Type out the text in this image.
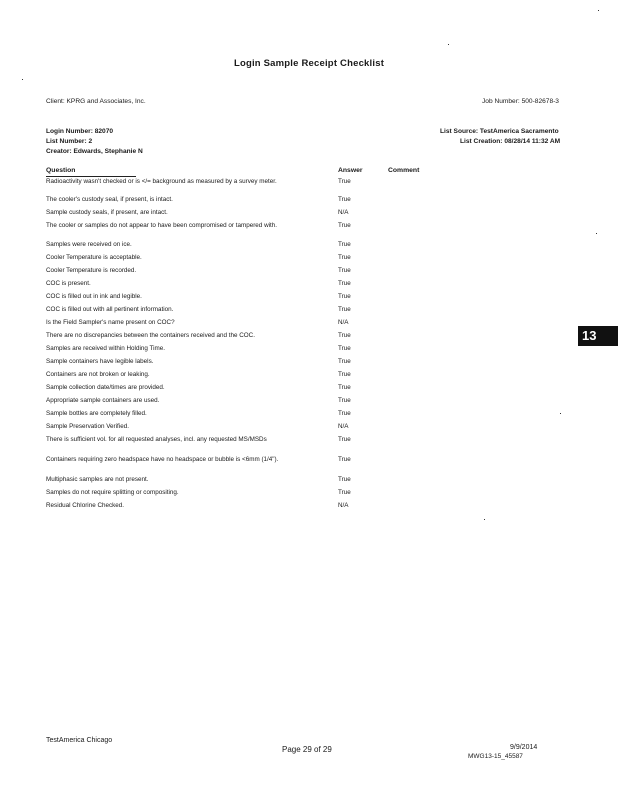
Login Sample Receipt Checklist
Client: KPRG and Associates, Inc.	Job Number: 500-82678-3
Login Number: 82070
List Number: 2
Creator: Edwards, Stephanie N
List Source: TestAmerica Sacramento
List Creation: 08/28/14 11:32 AM
Question	Answer	Comment
Radioactivity wasn't checked or is </= background as measured by a survey meter.	True
The cooler's custody seal, if present, is intact.	True
Sample custody seals, if present, are intact.	N/A
The cooler or samples do not appear to have been compromised or tampered with.	True
Samples were received on ice.	True
Cooler Temperature is acceptable.	True
Cooler Temperature is recorded.	True
COC is present.	True
COC is filled out in ink and legible.	True
COC is filled out with all pertinent information.	True
Is the Field Sampler's name present on COC?	N/A
There are no discrepancies between the containers received and the COC.	True
Samples are received within Holding Time.	True
Sample containers have legible labels.	True
Containers are not broken or leaking.	True
Sample collection date/times are provided.	True
Appropriate sample containers are used.	True
Sample bottles are completely filled.	True
Sample Preservation Verified.	N/A
There is sufficient vol. for all requested analyses, incl. any requested MS/MSDs	True
Containers requiring zero headspace have no headspace or bubble is <6mm (1/4").	True
Multiphasic samples are not present.	True
Samples do not require splitting or compositing.	True
Residual Chlorine Checked.	N/A
13
TestAmerica Chicago
Page 29 of 29	9/9/2014
MWG13-15_45587
